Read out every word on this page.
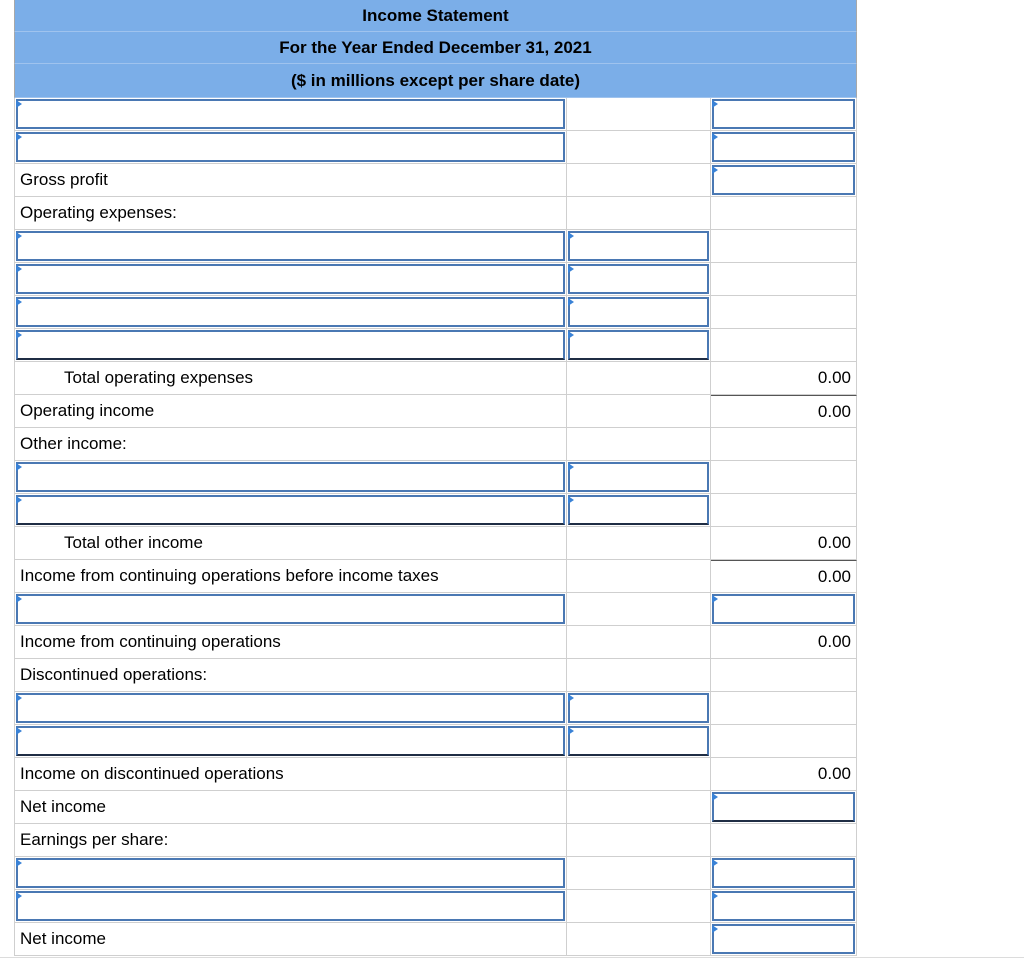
Income Statement
For the Year Ended December 31, 2021
($ in millions except per share date)
Gross profit
Operating expenses:
Total operating expenses	0.00
Operating income	0.00
Other income:
Total other income	0.00
Income from continuing operations before income taxes	0.00
Income from continuing operations	0.00
Discontinued operations:
Income on discontinued operations	0.00
Net income
Earnings per share:
Net income
